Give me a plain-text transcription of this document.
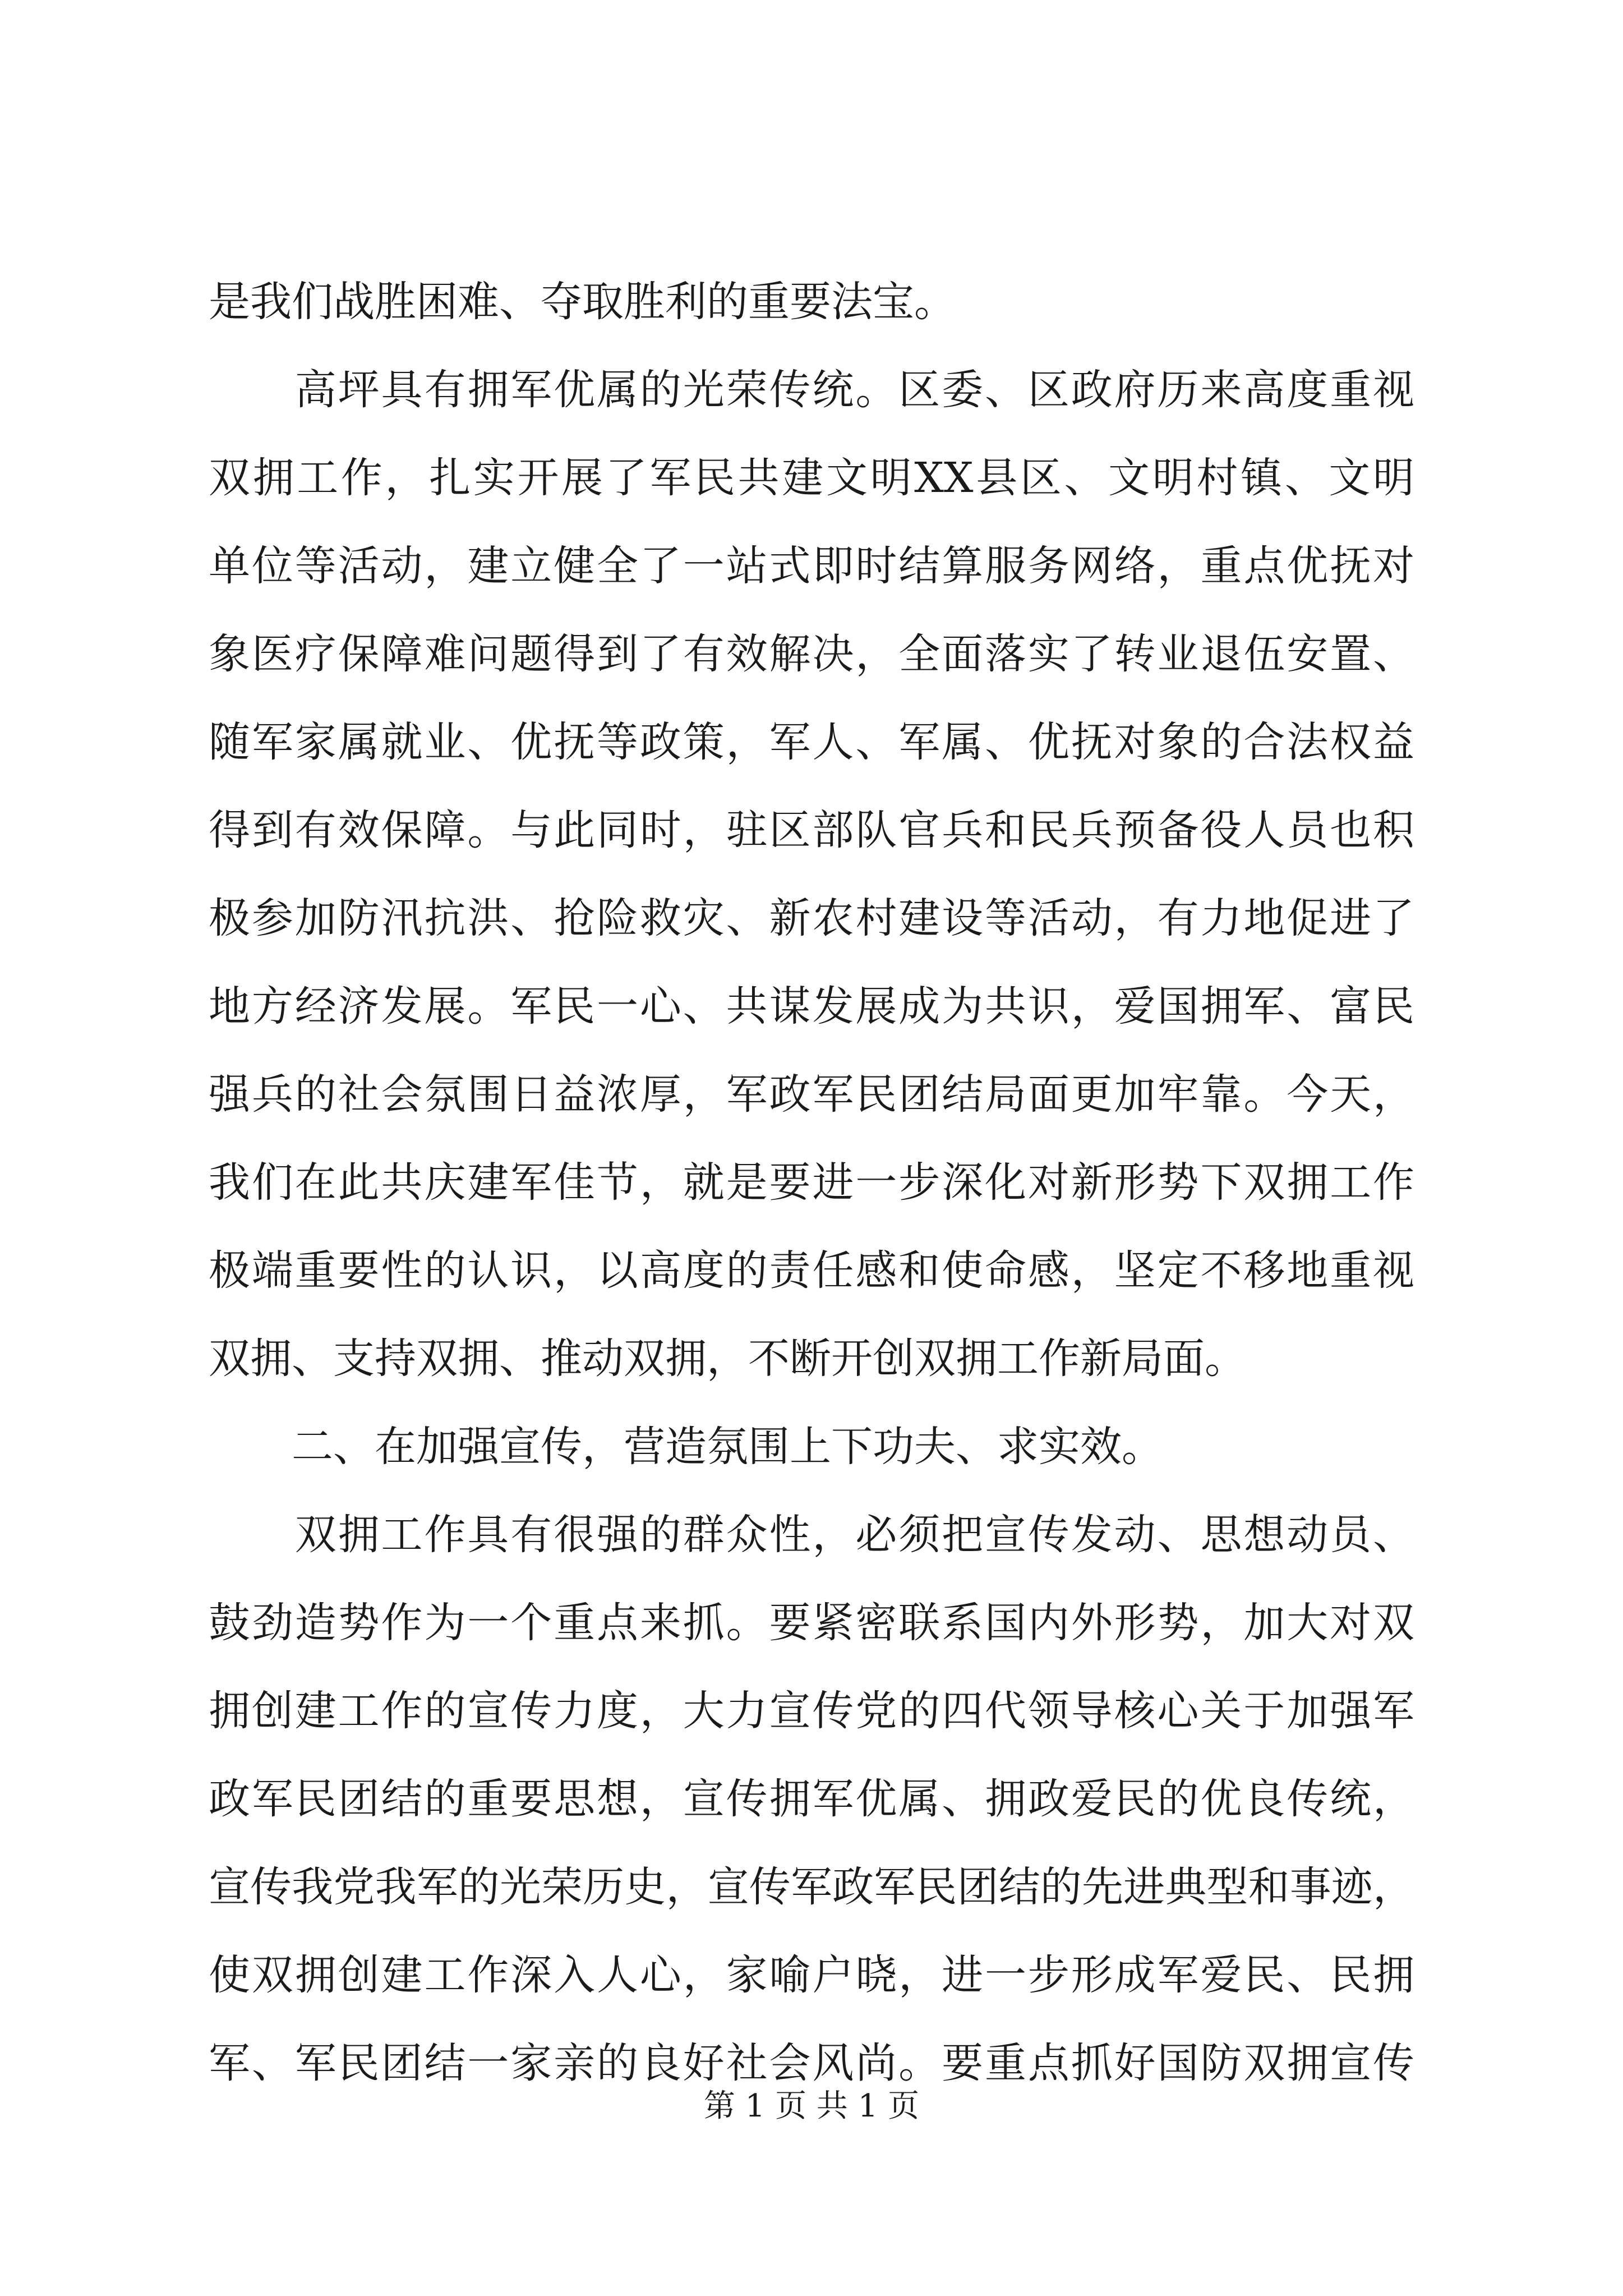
是我们战胜困难、夺取胜利的重要法宝。
　　高坪具有拥军优属的光荣传统。区委、区政府历来高度重视
双拥工作，扎实开展了军民共建文明XX县区、文明村镇、文明
单位等活动，建立健全了一站式即时结算服务网络，重点优抚对
象医疗保障难问题得到了有效解决，全面落实了转业退伍安置、
随军家属就业、优抚等政策，军人、军属、优抚对象的合法权益
得到有效保障。与此同时，驻区部队官兵和民兵预备役人员也积
极参加防汛抗洪、抢险救灾、新农村建设等活动，有力地促进了
地方经济发展。军民一心、共谋发展成为共识，爱国拥军、富民
强兵的社会氛围日益浓厚，军政军民团结局面更加牢靠。今天，
我们在此共庆建军佳节，就是要进一步深化对新形势下双拥工作
极端重要性的认识，以高度的责任感和使命感，坚定不移地重视
双拥、支持双拥、推动双拥，不断开创双拥工作新局面。
　　二、在加强宣传，营造氛围上下功夫、求实效。
　　双拥工作具有很强的群众性，必须把宣传发动、思想动员、
鼓劲造势作为一个重点来抓。要紧密联系国内外形势，加大对双
拥创建工作的宣传力度，大力宣传党的四代领导核心关于加强军
政军民团结的重要思想，宣传拥军优属、拥政爱民的优良传统，
宣传我党我军的光荣历史，宣传军政军民团结的先进典型和事迹，
使双拥创建工作深入人心，家喻户晓，进一步形成军爱民、民拥
军、军民团结一家亲的良好社会风尚。要重点抓好国防双拥宣传
第 1 页 共 1 页
